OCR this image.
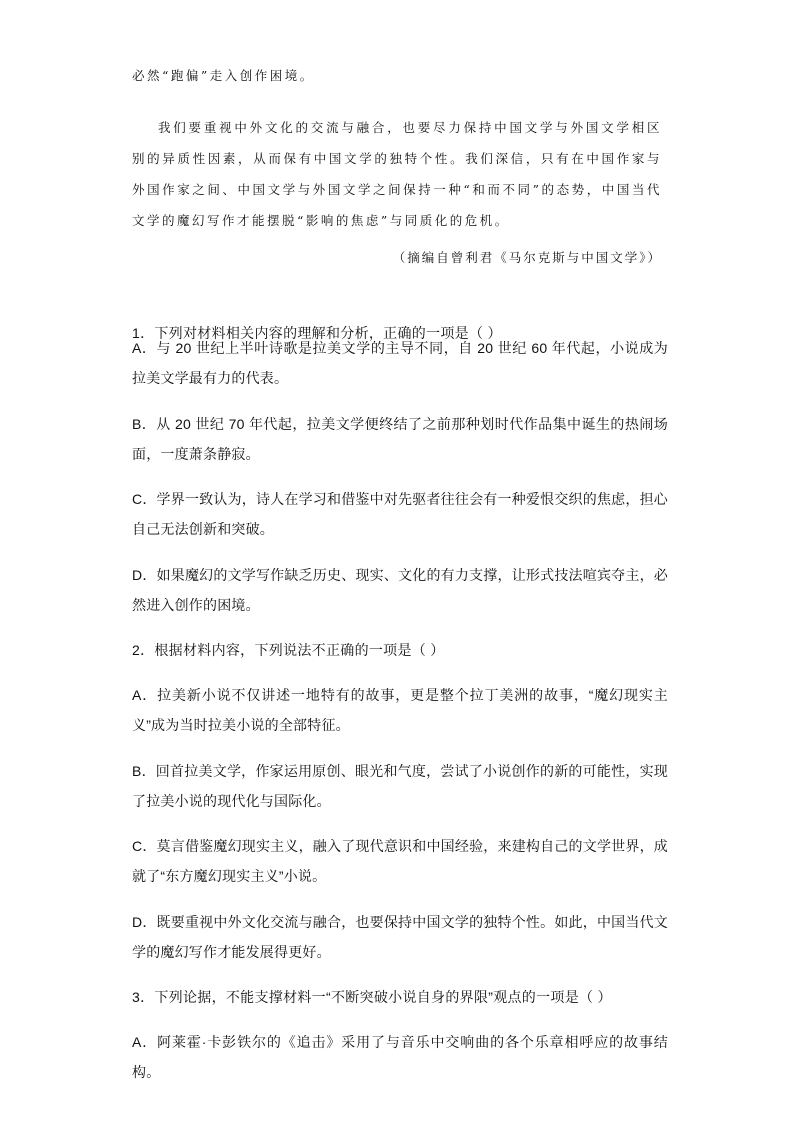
必然“跑偏”走入创作困境。
我们要重视中外文化的交流与融合，也要尽力保持中国文学与外国文学相区别的异质性因素，从而保有中国文学的独特个性。我们深信，只有在中国作家与外国作家之间、中国文学与外国文学之间保持一种“和而不同”的态势，中国当代文学的魔幻写作才能摆脱“影响的焦虑”与同质化的危机。
（摘编自曾利君《马尔克斯与中国文学》）
1．下列对材料相关内容的理解和分析，正确的一项是（ ）
A．与 20 世纪上半叶诗歌是拉美文学的主导不同，自 20 世纪 60 年代起，小说成为拉美文学最有力的代表。
B．从 20 世纪 70 年代起，拉美文学便终结了之前那种划时代作品集中诞生的热闹场面，一度萧条静寂。
C．学界一致认为，诗人在学习和借鉴中对先驱者往往会有一种爱恨交织的焦虑，担心自己无法创新和突破。
D．如果魔幻的文学写作缺乏历史、现实、文化的有力支撑，让形式技法喧宾夺主，必然进入创作的困境。
2．根据材料内容，下列说法不正确的一项是（ ）
A．拉美新小说不仅讲述一地特有的故事，更是整个拉丁美洲的故事，“魔幻现实主义”成为当时拉美小说的全部特征。
B．回首拉美文学，作家运用原创、眼光和气度，尝试了小说创作的新的可能性，实现了拉美小说的现代化与国际化。
C．莫言借鉴魔幻现实主义，融入了现代意识和中国经验，来建构自己的文学世界，成就了“东方魔幻现实主义”小说。
D．既要重视中外文化交流与融合，也要保持中国文学的独特个性。如此，中国当代文学的魔幻写作才能发展得更好。
3．下列论据，不能支撑材料一“不断突破小说自身的界限”观点的一项是（ ）
A．阿莱霍·卡彭铁尔的《追击》采用了与音乐中交响曲的各个乐章相呼应的故事结构。
